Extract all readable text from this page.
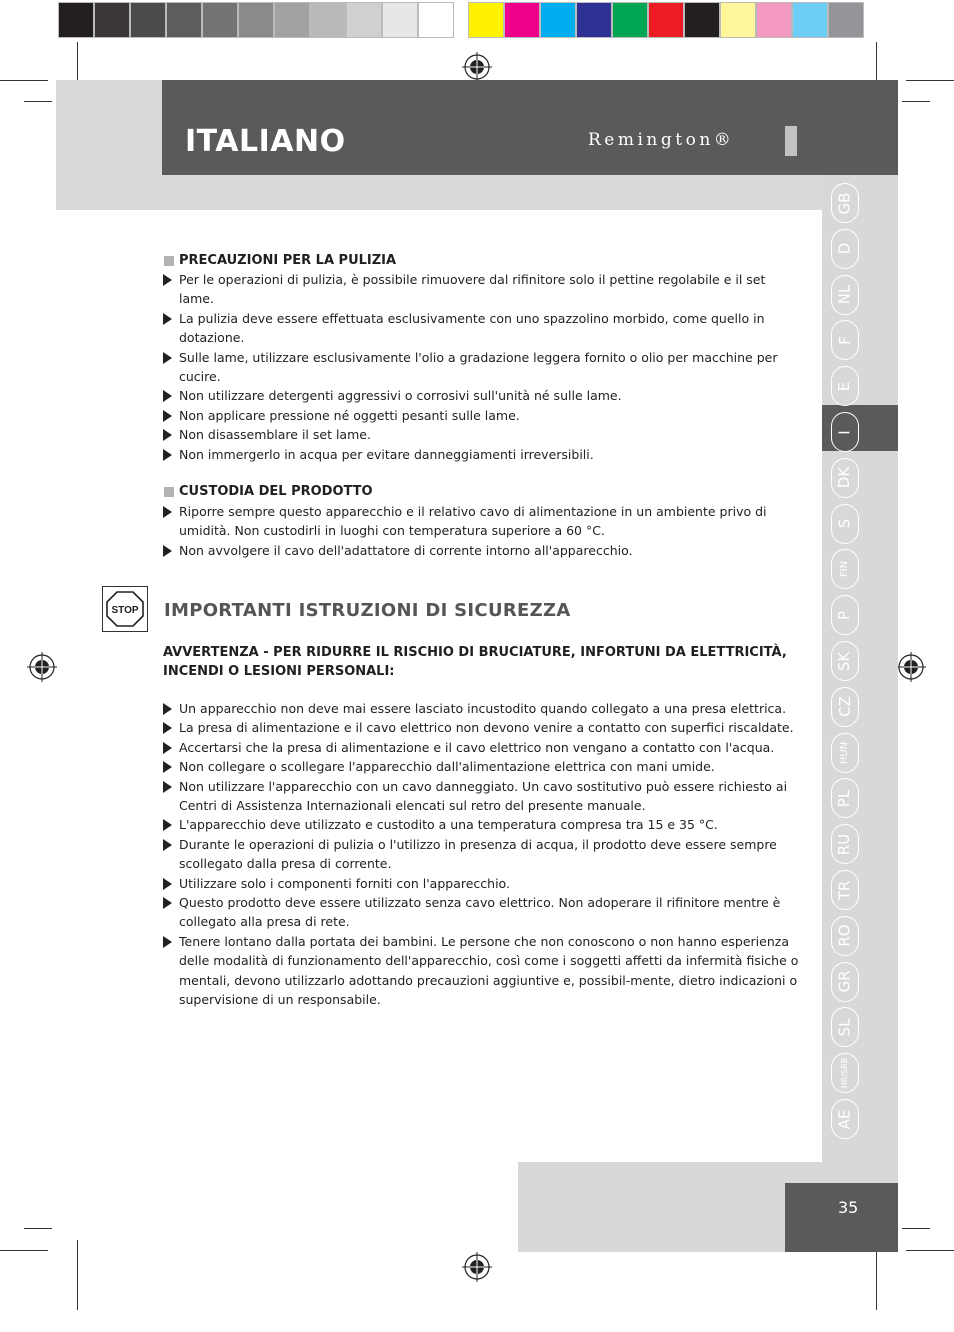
ITALIANO	Remington®
GB
D
NL
F
E
I
DK
S
FIN
P
SK
CZ
HUN
PL
RU
TR
RO
GR
SL
HR/SRB
AE
PRECAUZIONI PER LA PULIZIA
Per le operazioni di pulizia, è possibile rimuovere dal rifinitore solo il pettine regolabile e il set lame.
La pulizia deve essere effettuata esclusivamente con uno spazzolino morbido, come quello in dotazione.
Sulle lame, utilizzare esclusivamente l'olio a gradazione leggera fornito o olio per macchine per cucire.
Non utilizzare detergenti aggressivi o corrosivi sull'unità né sulle lame.
Non applicare pressione né oggetti pesanti sulle lame.
Non disassemblare il set lame.
Non immergerlo in acqua per evitare danneggiamenti irreversibili.
CUSTODIA DEL PRODOTTO
Riporre sempre questo apparecchio e il relativo cavo di alimentazione in un ambiente privo di umidità. Non custodirli in luoghi con temperatura superiore a 60 °C.
Non avvolgere il cavo dell'adattatore di corrente intorno all'apparecchio.
STOP IMPORTANTI ISTRUZIONI DI SICUREZZA

AVVERTENZA - PER RIDURRE IL RISCHIO DI BRUCIATURE, INFORTUNI DA ELETTRICITÀ, INCENDI O LESIONI PERSONALI:

Un apparecchio non deve mai essere lasciato incustodito quando collegato a una presa elettrica.
La presa di alimentazione e il cavo elettrico non devono venire a contatto con superfici riscaldate.
Accertarsi che la presa di alimentazione e il cavo elettrico non vengano a contatto con l'acqua.
Non collegare o scollegare l'apparecchio dall'alimentazione elettrica con mani umide.
Non utilizzare l'apparecchio con un cavo danneggiato. Un cavo sostitutivo può essere richiesto ai Centri di Assistenza Internazionali elencati sul retro del presente manuale.
L'apparecchio deve utilizzato e custodito a una temperatura compresa tra 15 e 35 °C.
Durante le operazioni di pulizia o l'utilizzo in presenza di acqua, il prodotto deve essere sempre scollegato dalla presa di corrente.
Utilizzare solo i componenti forniti con l'apparecchio.
Questo prodotto deve essere utilizzato senza cavo elettrico. Non adoperare il rifinitore mentre è collegato alla presa di rete.
Tenere lontano dalla portata dei bambini. Le persone che non conoscono o non hanno esperienza delle modalità di funzionamento dell'apparecchio, così come i soggetti affetti da infermità fisiche o mentali, devono utilizzarlo adottando precauzioni aggiuntive e, possibil-mente, dietro indicazioni o supervisione di un responsabile.
35
